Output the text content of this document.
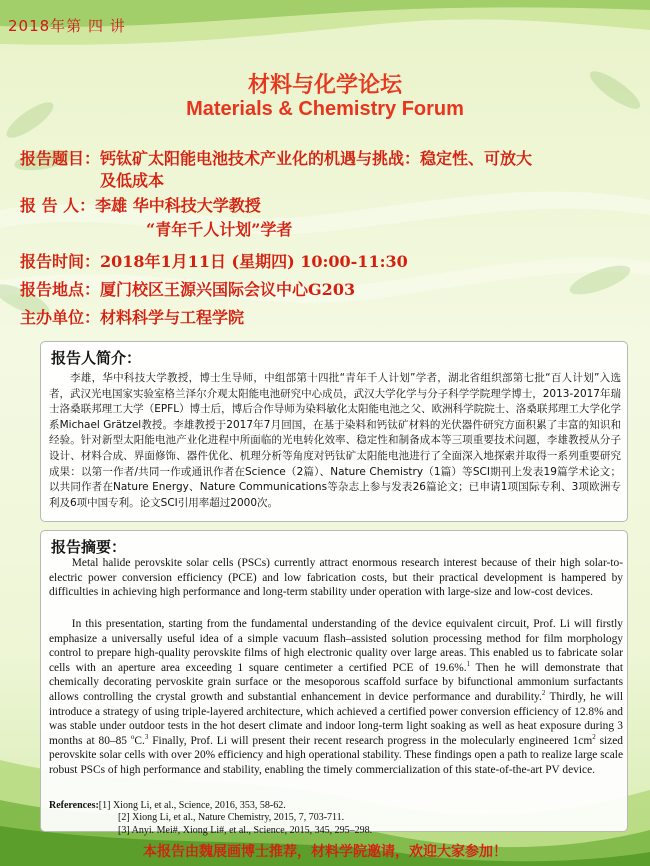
2018年第 四 讲
材料与化学论坛
Materials & Chemistry Forum
报告题目：钙钛矿太阳能电池技术产业化的机遇与挑战：稳定性、可放大
及低成本
报 告 人：李雄 华中科技大学教授
“青年千人计划”学者
报告时间：2018年1月11日 (星期四) 10:00-11:30
报告地点：厦门校区王源兴国际会议中心G203
主办单位：材料科学与工程学院
报告人简介：

李雄，华中科技大学教授，博士生导师，中组部第十四批“青年千人计划”学者，湖北省组织部第七批“百人计划”入选者，武汉光电国家实验室格兰泽尔介观太阳能电池研究中心成员，武汉大学化学与分子科学学院理学博士，2013-2017年瑞士洛桑联邦理工大学（EPFL）博士后，博后合作导师为染料敏化太阳能电池之父、欧洲科学院院士、洛桑联邦理工大学化学系Michael Grätzel教授。李雄教授于2017年7月回国，在基于染料和钙钛矿材料的光伏器件研究方面积累了丰富的知识和经验。针对新型太阳能电池产业化进程中所面临的光电转化效率、稳定性和制备成本等三项重要技术问题，李雄教授从分子设计、材料合成、界面修饰、器件优化、机理分析等角度对钙钛矿太阳能电池进行了全面深入地探索并取得一系列重要研究成果：以第一作者/共同一作或通讯作者在Science（2篇）、Nature Chemistry（1篇）等SCI期刊上发表19篇学术论文；以共同作者在Nature Energy、Nature Communications等杂志上参与发表26篇论文；已申请1项国际专利、3项欧洲专利及6项中国专利。论文SCI引用率超过2000次。

报告摘要：

Metal halide perovskite solar cells (PSCs) currently attract enormous research interest because of their high solar-to-electric power conversion efficiency (PCE) and low fabrication costs, but their practical development is hampered by difficulties in achieving high performance and long-term stability under operation with large-size and low-cost devices.

In this presentation, starting from the fundamental understanding of the device equivalent circuit, Prof. Li will firstly emphasize a universally useful idea of a simple vacuum flash–assisted solution processing method for film morphology control to prepare high-quality perovskite films of high electronic quality over large areas. This enabled us to fabricate solar cells with an aperture area exceeding 1 square centimeter a certified PCE of 19.6%.$^1$ Then he will demonstrate that chemically decorating pervoskite grain surface or the mesoporous scaffold surface by bifunctional ammonium surfactants allows controlling the crystal growth and substantial enhancement in device performance and durability.$^2$ Thirdly, he will introduce a strategy of using triple-layered architecture, which achieved a certified power conversion efficiency of 12.8% and was stable under outdoor tests in the hot desert climate and indoor long-term light soaking as well as heat exposure during 3 months at 80–85 $^o$C.$^3$ Finally, Prof. Li will present their recent research progress in the molecularly engineered $1cm^2$ sized perovskite solar cells with over 20% efficiency and high operational stability. These findings open a path to realize large scale robust PSCs of high performance and stability, enabling the timely commercialization of this state-of-the-art PV device.

References:[1] Xiong Li, et al., Science, 2016, 353, 58-62.
[2] Xiong Li, et al., Nature Chemistry, 2015, 7, 703-711.
[3] Anyi. Mei#, Xiong Li#, et al., Science, 2015, 345, 295–298.
本报告由魏展画博士推荐，材料学院邀请，欢迎大家参加！
